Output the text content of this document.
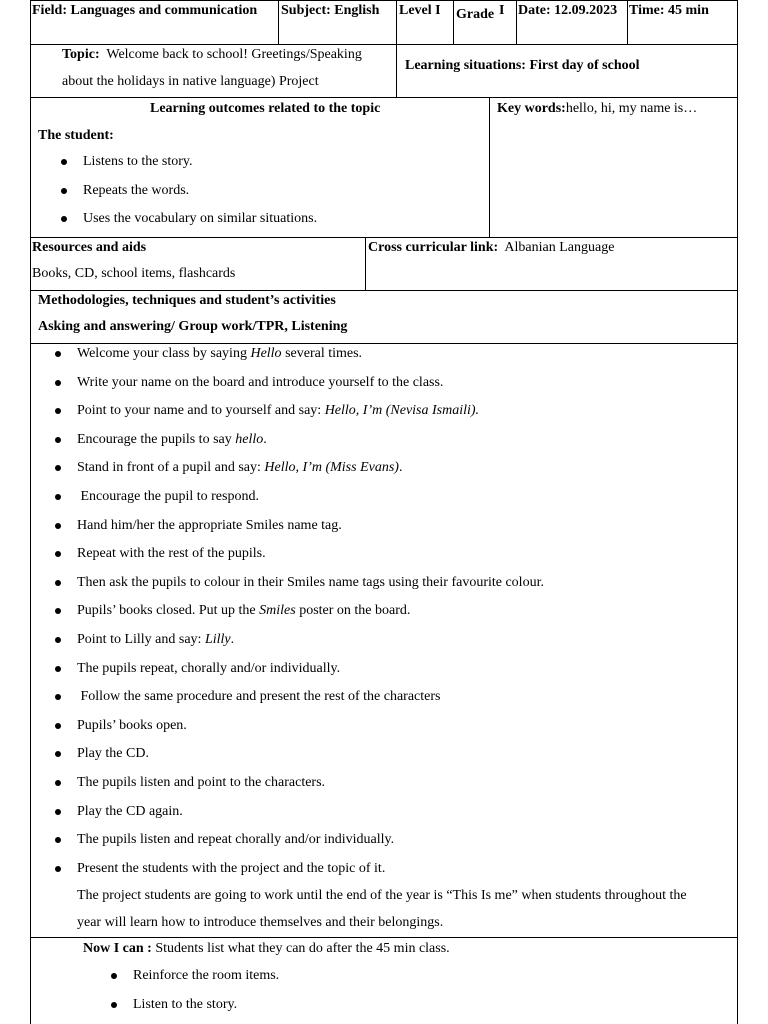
Field: Languages and communication Subject: English Level I Grade I Date: 12.09.2023 Time: 45 min
Topic: Welcome back to school! Greetings/Speaking
about the holidays in native language) Project
Learning situations: First day of school
Learning outcomes related to the topic
The student:
Listens to the story.
Repeats the words.
Uses the vocabulary on similar situations.
Key words:hello, hi, my name is…
Resources and aids
Books, CD, school items, flashcards
Cross curricular link: Albanian Language
Methodologies, techniques and student’s activities
Asking and answering/ Group work/TPR, Listening
Welcome your class by saying Hello several times.
Write your name on the board and introduce yourself to the class.
Point to your name and to yourself and say: Hello, I’m (Nevisa Ismaili).
Encourage the pupils to say hello.
Stand in front of a pupil and say: Hello, I’m (Miss Evans).
Encourage the pupil to respond.
Hand him/her the appropriate Smiles name tag.
Repeat with the rest of the pupils.
Then ask the pupils to colour in their Smiles name tags using their favourite colour.
Pupils’ books closed. Put up the Smiles poster on the board.
Point to Lilly and say: Lilly.
The pupils repeat, chorally and/or individually.
Follow the same procedure and present the rest of the characters
Pupils’ books open.
Play the CD.
The pupils listen and point to the characters.
Play the CD again.
The pupils listen and repeat chorally and/or individually.
Present the students with the project and the topic of it.
The project students are going to work until the end of the year is “This Is me” when students throughout the
year will learn how to introduce themselves and their belongings.
Now I can : Students list what they can do after the 45 min class.
Reinforce the room items.
Listen to the story.
